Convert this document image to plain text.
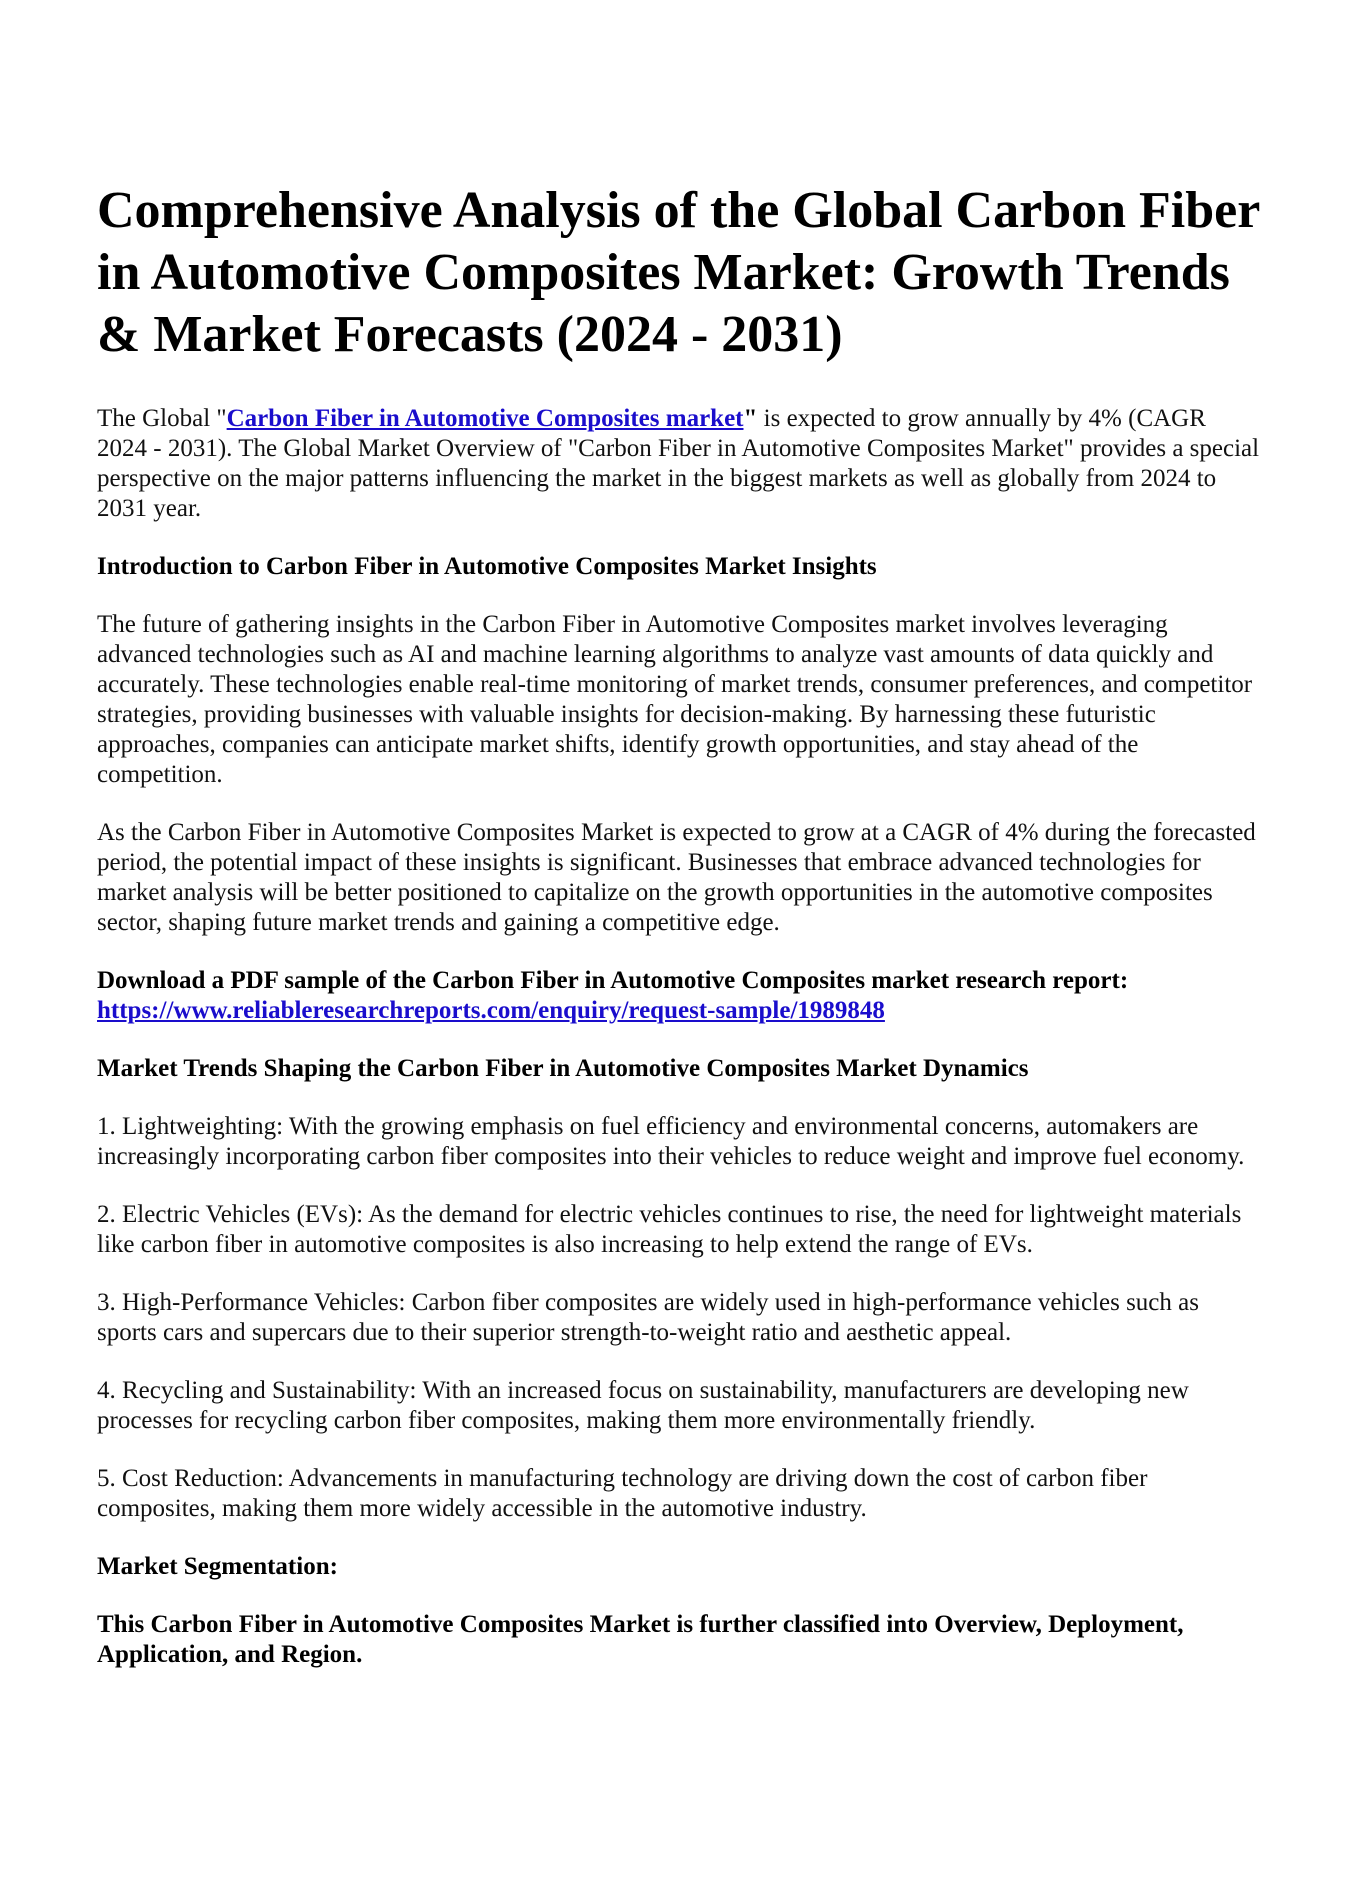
Comprehensive Analysis of the Global Carbon Fiber in Automotive Composites Market: Growth Trends & Market Forecasts (2024 - 2031)

The Global "Carbon Fiber in Automotive Composites market" is expected to grow annually by 4% (CAGR 2024 - 2031). The Global Market Overview of "Carbon Fiber in Automotive Composites Market" provides a special perspective on the major patterns influencing the market in the biggest markets as well as globally from 2024 to 2031 year.

Introduction to Carbon Fiber in Automotive Composites Market Insights

The future of gathering insights in the Carbon Fiber in Automotive Composites market involves leveraging advanced technologies such as AI and machine learning algorithms to analyze vast amounts of data quickly and accurately. These technologies enable real-time monitoring of market trends, consumer preferences, and competitor strategies, providing businesses with valuable insights for decision-making. By harnessing these futuristic approaches, companies can anticipate market shifts, identify growth opportunities, and stay ahead of the competition.

As the Carbon Fiber in Automotive Composites Market is expected to grow at a CAGR of 4% during the forecasted period, the potential impact of these insights is significant. Businesses that embrace advanced technologies for market analysis will be better positioned to capitalize on the growth opportunities in the automotive composites sector, shaping future market trends and gaining a competitive edge.

Download a PDF sample of the Carbon Fiber in Automotive Composites market research report:
https://www.reliableresearchreports.com/enquiry/request-sample/1989848

Market Trends Shaping the Carbon Fiber in Automotive Composites Market Dynamics

1. Lightweighting: With the growing emphasis on fuel efficiency and environmental concerns, automakers are increasingly incorporating carbon fiber composites into their vehicles to reduce weight and improve fuel economy.

2. Electric Vehicles (EVs): As the demand for electric vehicles continues to rise, the need for lightweight materials like carbon fiber in automotive composites is also increasing to help extend the range of EVs.

3. High-Performance Vehicles: Carbon fiber composites are widely used in high-performance vehicles such as sports cars and supercars due to their superior strength-to-weight ratio and aesthetic appeal.

4. Recycling and Sustainability: With an increased focus on sustainability, manufacturers are developing new processes for recycling carbon fiber composites, making them more environmentally friendly.

5. Cost Reduction: Advancements in manufacturing technology are driving down the cost of carbon fiber composites, making them more widely accessible in the automotive industry.

Market Segmentation:

This Carbon Fiber in Automotive Composites Market is further classified into Overview, Deployment, Application, and Region.
